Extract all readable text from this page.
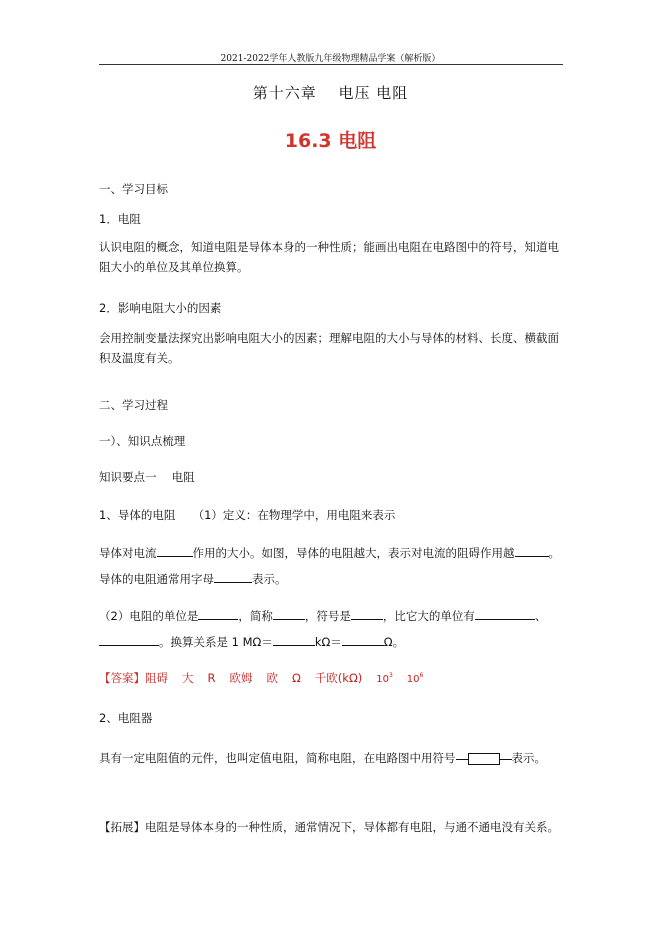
2021-2022学年人教版九年级物理精品学案（解析版）
第十六章　 电压 电阻
16.3 电阻
一、学习目标
1．电阻
认识电阻的概念，知道电阻是导体本身的一种性质；能画出电阻在电路图中的符号，知道电阻大小的单位及其单位换算。
2．影响电阻大小的因素
会用控制变量法探究出影响电阻大小的因素；理解电阻的大小与导体的材料、长度、横截面积及温度有关。
二、学习过程
一）、知识点梳理
知识要点一　 电阻
1、导体的电阻　　（1）定义：在物理学中，用电阻来表示
导体对电流	作用的大小。如图，导体的电阻越大，表示对电流的阻碍作用越	。
导体的电阻通常用字母	表示。
（2）电阻的单位是	，简称	，符号是	，比它大的单位有	、
。换算关系是 1 MΩ＝	kΩ＝	Ω。
【答案】阻碍 大 R 欧姆 欧 Ω 千欧(kΩ) $10^3$ $10^6$
2、电阻器
具有一定电阻值的元件，也叫定值电阻，简称电阻，在电路图中用符号	表示。
【拓展】电阻是导体本身的一种性质，通常情况下，导体都有电阻，与通不通电没有关系。
